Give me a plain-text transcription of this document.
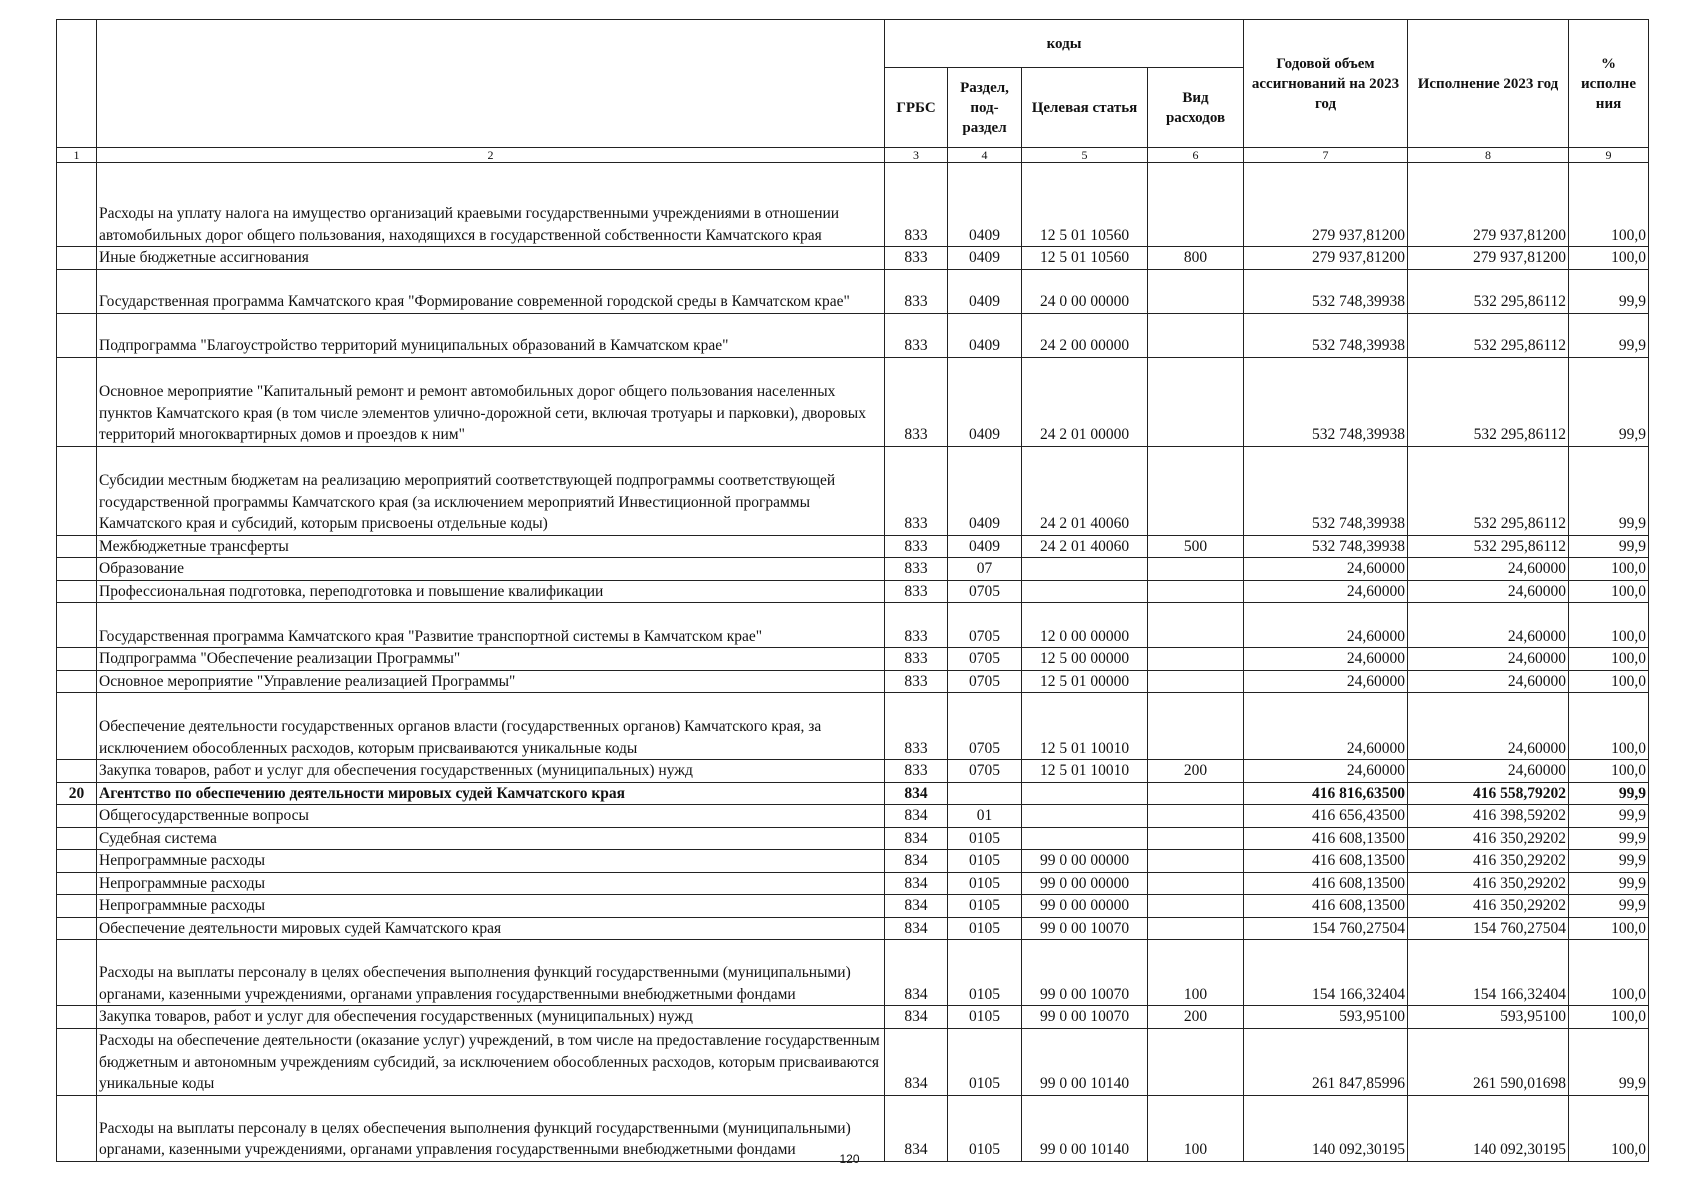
		коды				Годовой объем ассигнований на 2023 год	Исполнение 2023 год	% исполне ния
		ГРБС	Раздел, под-раздел	Целевая статья	Вид расходов			
1	2	3	4	5	6	7	8	9
	Расходы на уплату налога на имущество организаций краевыми государственными учреждениями в отношении автомобильных дорог общего пользования, находящихся в государственной собственности Камчатского края	833	0409	12 5 01 10560		279 937,81200	279 937,81200	100,0
	Иные бюджетные ассигнования	833	0409	12 5 01 10560	800	279 937,81200	279 937,81200	100,0
	Государственная программа Камчатского края "Формирование современной городской среды в Камчатском крае"	833	0409	24 0 00 00000		532 748,39938	532 295,86112	99,9
	Подпрограмма "Благоустройство территорий муниципальных образований в Камчатском крае"	833	0409	24 2 00 00000		532 748,39938	532 295,86112	99,9
	Основное мероприятие "Капитальный ремонт и ремонт автомобильных дорог общего пользования населенных пунктов Камчатского края (в том числе элементов улично-дорожной сети, включая тротуары и парковки), дворовых территорий многоквартирных домов и проездов к ним"	833	0409	24 2 01 00000		532 748,39938	532 295,86112	99,9
	Субсидии местным бюджетам на реализацию мероприятий соответствующей подпрограммы соответствующей государственной программы Камчатского края (за исключением мероприятий Инвестиционной программы Камчатского края и субсидий, которым присвоены отдельные коды)	833	0409	24 2 01 40060		532 748,39938	532 295,86112	99,9
	Межбюджетные трансферты	833	0409	24 2 01 40060	500	532 748,39938	532 295,86112	99,9
	Образование	833	07			24,60000	24,60000	100,0
	Профессиональная подготовка, переподготовка и повышение квалификации	833	0705			24,60000	24,60000	100,0
	Государственная программа Камчатского края "Развитие транспортной системы в Камчатском крае"	833	0705	12 0 00 00000		24,60000	24,60000	100,0
	Подпрограмма "Обеспечение реализации Программы"	833	0705	12 5 00 00000		24,60000	24,60000	100,0
	Основное мероприятие "Управление реализацией Программы"	833	0705	12 5 01 00000		24,60000	24,60000	100,0
	Обеспечение деятельности государственных органов власти (государственных органов) Камчатского края, за исключением обособленных расходов, которым присваиваются уникальные коды	833	0705	12 5 01 10010		24,60000	24,60000	100,0
	Закупка товаров, работ и услуг для обеспечения государственных (муниципальных) нужд	833	0705	12 5 01 10010	200	24,60000	24,60000	100,0
20	Агентство по обеспечению деятельности мировых судей Камчатского края	834				416 816,63500	416 558,79202	99,9
	Общегосударственные вопросы	834	01			416 656,43500	416 398,59202	99,9
	Судебная система	834	0105			416 608,13500	416 350,29202	99,9
	Непрограммные расходы	834	0105	99 0 00 00000		416 608,13500	416 350,29202	99,9
	Непрограммные расходы	834	0105	99 0 00 00000		416 608,13500	416 350,29202	99,9
	Непрограммные расходы	834	0105	99 0 00 00000		416 608,13500	416 350,29202	99,9
	Обеспечение деятельности мировых судей Камчатского края	834	0105	99 0 00 10070		154 760,27504	154 760,27504	100,0
	Расходы на выплаты персоналу в целях обеспечения выполнения функций государственными (муниципальными) органами, казенными учреждениями, органами управления государственными внебюджетными фондами	834	0105	99 0 00 10070	100	154 166,32404	154 166,32404	100,0
	Закупка товаров, работ и услуг для обеспечения государственных (муниципальных) нужд	834	0105	99 0 00 10070	200	593,95100	593,95100	100,0
	Расходы на обеспечение деятельности (оказание услуг) учреждений, в том числе на предоставление государственным бюджетным и автономным учреждениям субсидий, за исключением обособленных расходов, которым присваиваются уникальные коды	834	0105	99 0 00 10140		261 847,85996	261 590,01698	99,9
	Расходы на выплаты персоналу в целях обеспечения выполнения функций государственными (муниципальными) органами, казенными учреждениями, органами управления государственными внебюджетными фондами	834	0105	99 0 00 10140	100	140 092,30195	140 092,30195	100,0
120
